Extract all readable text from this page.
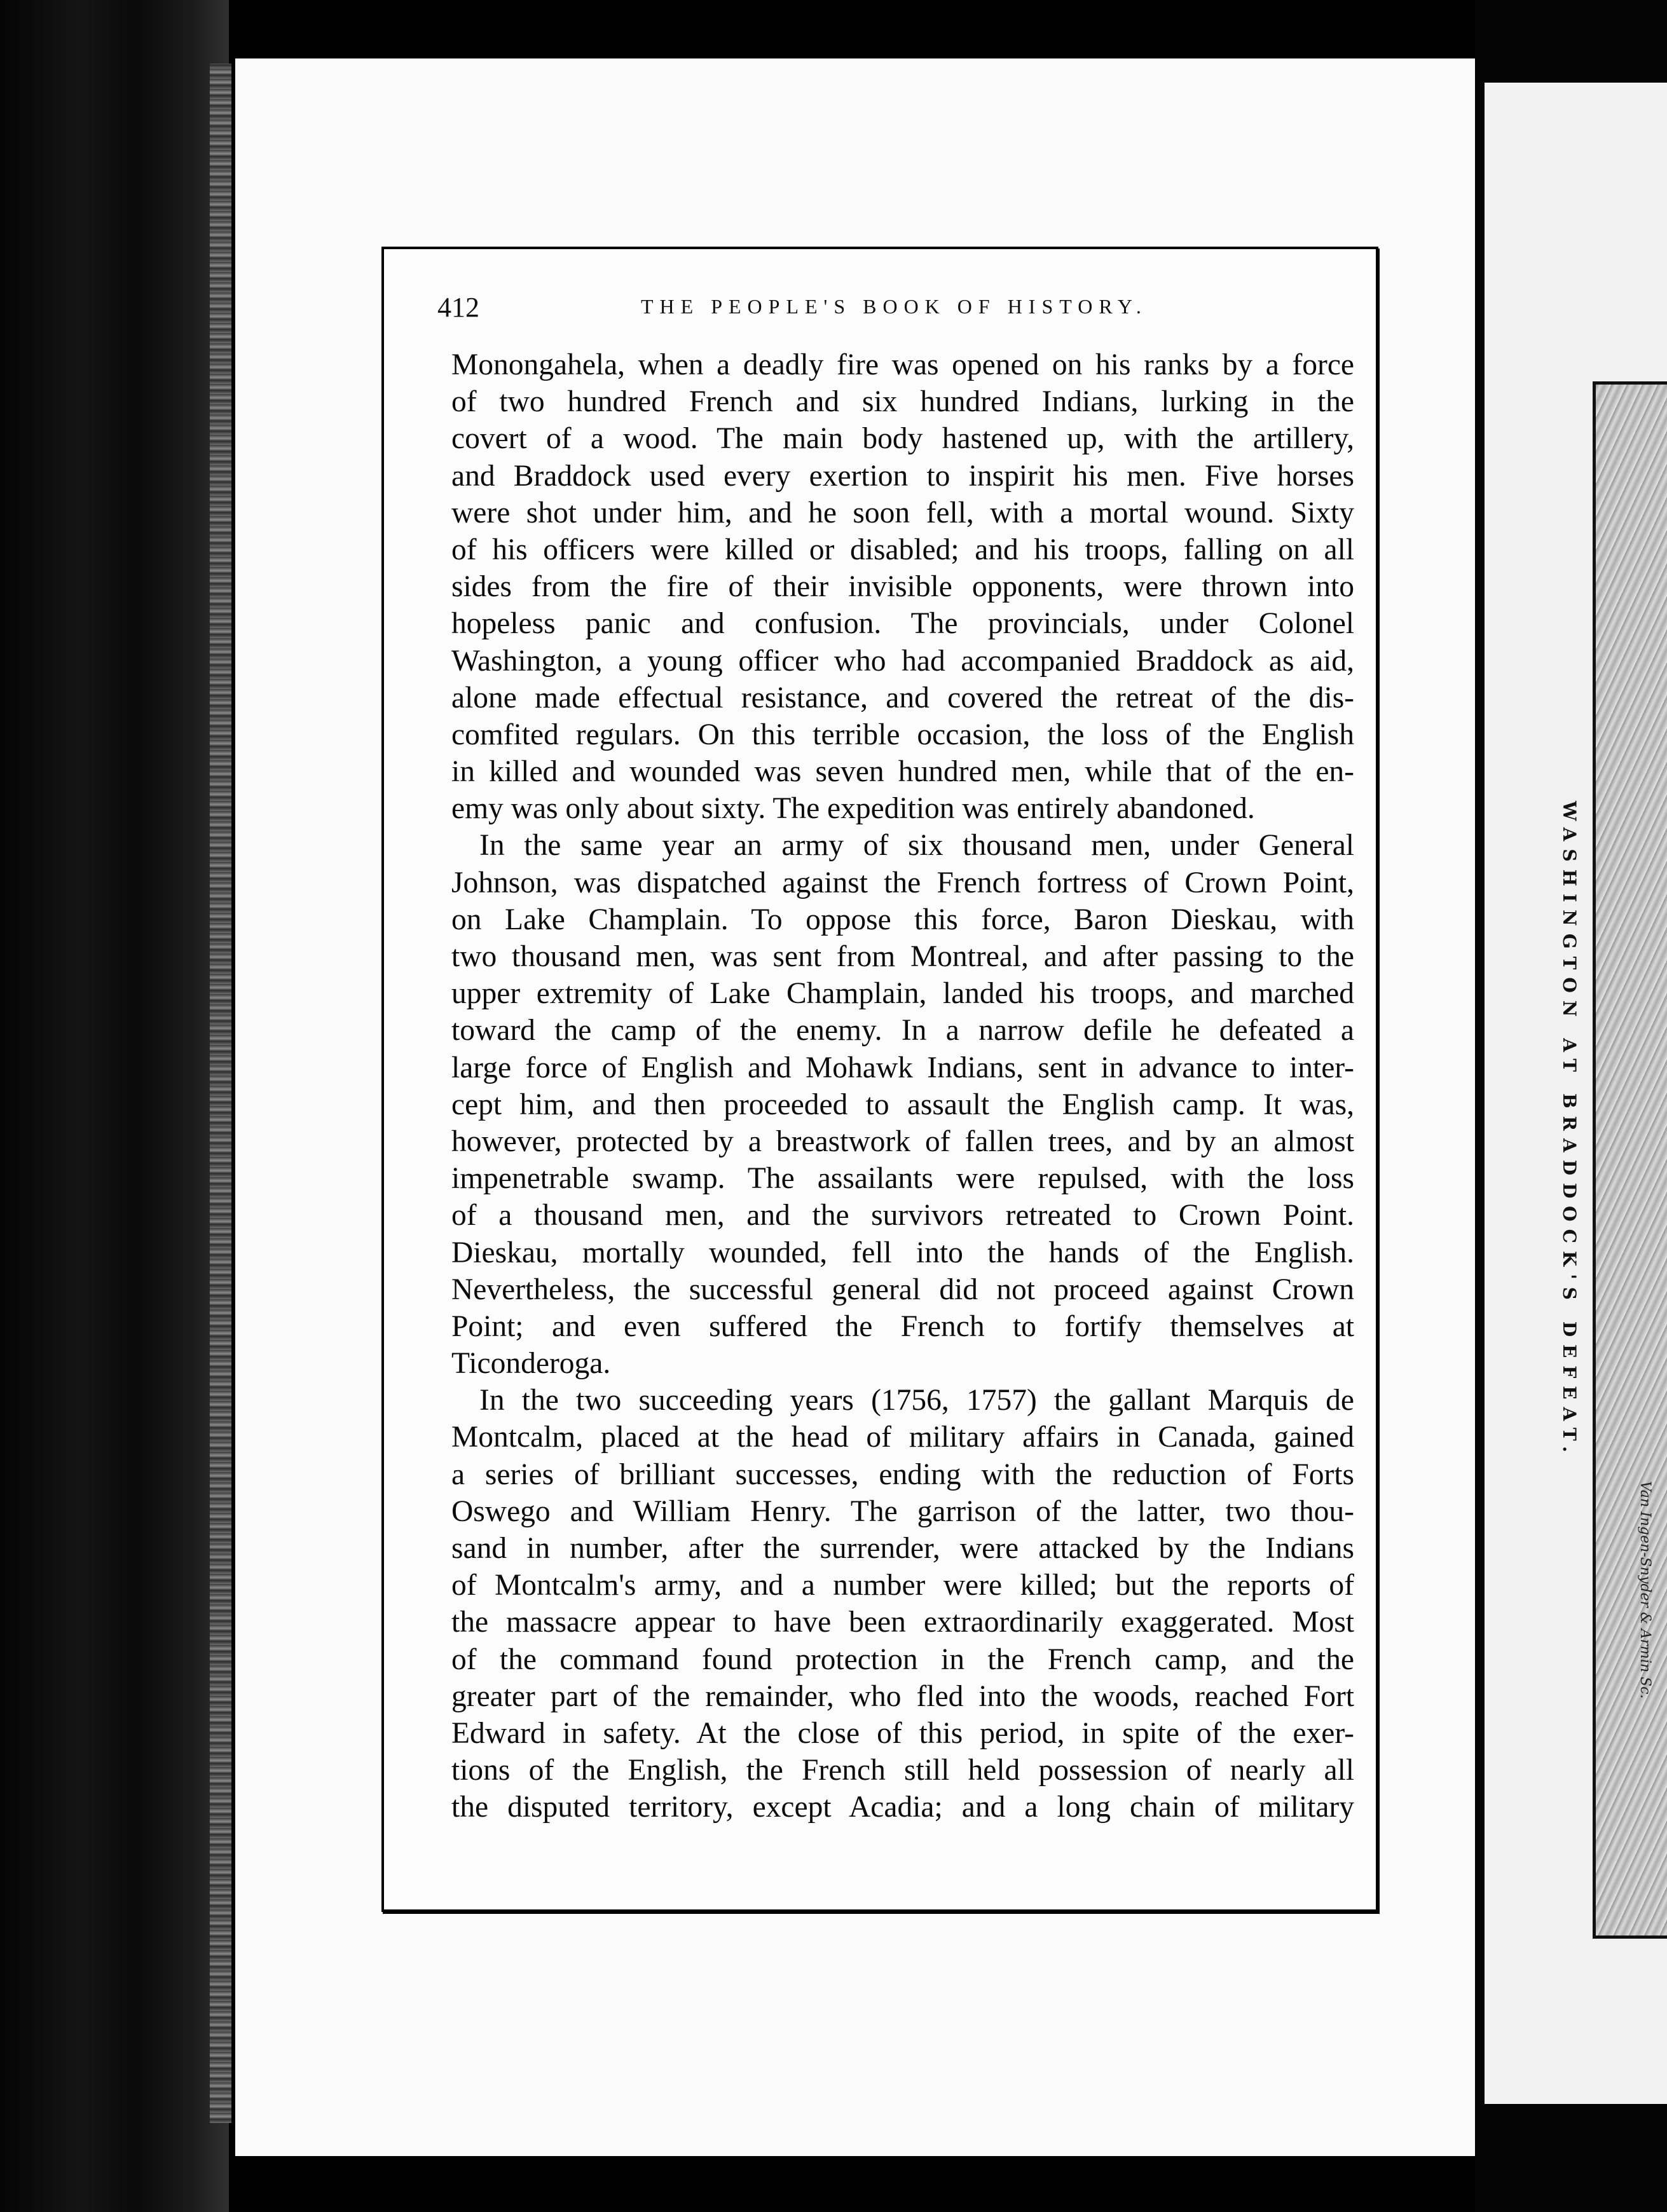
WASHINGTON AT BRADDOCK'S DEFEAT.
Van Ingen-Snyder & Armin Sc.
412	THE PEOPLE'S BOOK OF HISTORY.
Monongahela, when a deadly fire was opened on his ranks by a force
of two hundred French and six hundred Indians, lurking in the
covert of a wood. The main body hastened up, with the artillery,
and Braddock used every exertion to inspirit his men. Five horses
were shot under him, and he soon fell, with a mortal wound. Sixty
of his officers were killed or disabled; and his troops, falling on all
sides from the fire of their invisible opponents, were thrown into
hopeless panic and confusion. The provincials, under Colonel
Washington, a young officer who had accompanied Braddock as aid,
alone made effectual resistance, and covered the retreat of the dis-
comfited regulars. On this terrible occasion, the loss of the English
in killed and wounded was seven hundred men, while that of the en-
emy was only about sixty. The expedition was entirely abandoned.
In the same year an army of six thousand men, under General
Johnson, was dispatched against the French fortress of Crown Point,
on Lake Champlain. To oppose this force, Baron Dieskau, with
two thousand men, was sent from Montreal, and after passing to the
upper extremity of Lake Champlain, landed his troops, and marched
toward the camp of the enemy. In a narrow defile he defeated a
large force of English and Mohawk Indians, sent in advance to inter-
cept him, and then proceeded to assault the English camp. It was,
however, protected by a breastwork of fallen trees, and by an almost
impenetrable swamp. The assailants were repulsed, with the loss
of a thousand men, and the survivors retreated to Crown Point.
Dieskau, mortally wounded, fell into the hands of the English.
Nevertheless, the successful general did not proceed against Crown
Point; and even suffered the French to fortify themselves at
Ticonderoga.
In the two succeeding years (1756, 1757) the gallant Marquis de
Montcalm, placed at the head of military affairs in Canada, gained
a series of brilliant successes, ending with the reduction of Forts
Oswego and William Henry. The garrison of the latter, two thou-
sand in number, after the surrender, were attacked by the Indians
of Montcalm's army, and a number were killed; but the reports of
the massacre appear to have been extraordinarily exaggerated. Most
of the command found protection in the French camp, and the
greater part of the remainder, who fled into the woods, reached Fort
Edward in safety. At the close of this period, in spite of the exer-
tions of the English, the French still held possession of nearly all
the disputed territory, except Acadia; and a long chain of military
